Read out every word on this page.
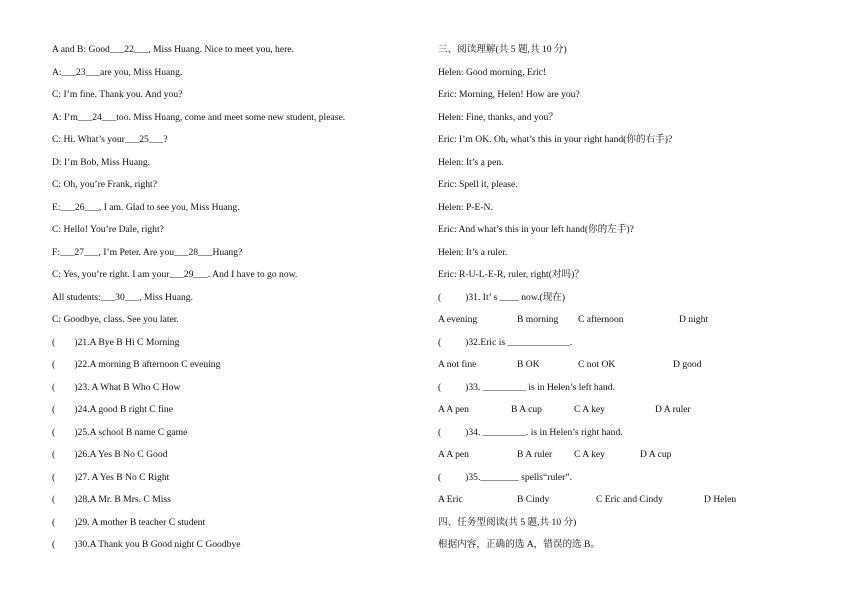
A and B: Good___22___, Miss Huang. Nice to meet you, here.
A:___23___are you, Miss Huang.
C: I’m fine. Thank you. And you?
A: I’m___24___too. Miss Huang, come and meet some new student, please.
C: Hi. What’s your___25___?
D: I’m Bob, Miss Huang.
C: Oh, you’re Frank, right?
E:___26___, I am. Glad to see you, Miss Huang.
C: Hello! You’re Dale, right?
F:___27___, I’m Peter. Are you___28___Huang?
C: Yes, you’re right. I am your___29___. And I have to go now.
All students:___30___, Miss Huang.
C: Goodbye, class. See you later.
( )21.A Bye B Hi C Morning
( )22.A morning B afternoon C evening
( )23. A What B Who C How
( )24.A good B right C fine
( )25.A school B name C game
( )26.A Yes B No C Good
( )27. A Yes B No C Right
( )28.A Mr. B Mrs. C Miss
( )29. A mother B teacher C student
( )30.A Thank you B Good night C Goodbye
三、阅读理解(共 5 题,共 10 分)
Helen: Good morning, Eric!
Eric: Morning, Helen! How are you?
Helen: Fine, thanks, and you？
Eric: I’m OK. Oh, what’s this in your right hand(你的右手)?
Helen: It’s a pen.
Eric: Spell it, please.
Helen: P-E-N.
Eric: And what’s this in your left hand(你的左手)?
Helen: It’s a ruler.
Eric: R-U-L-E-R, ruler, right(对吗)？
(          )31. It’ s ____ now.(现在)
A evening	B morning C afternoon	D night
(          )32.Eric is _____________.
A not fine	B OK	C not OK	D good
(          )33. _________ is in Helen’s left hand.
A A pen	B A cup	C A key	D A ruler
(          )34. _________. is in Helen’s right hand.
A A pen	B A ruler C A key	D A cup
(          )35.________ spells“ruler”.
A Eric	B Cindy	C Eric and Cindy	D Helen
四、任务型阅读(共 5 题,共 10 分)
根据内容，正确的选 A，错误的选 B。
